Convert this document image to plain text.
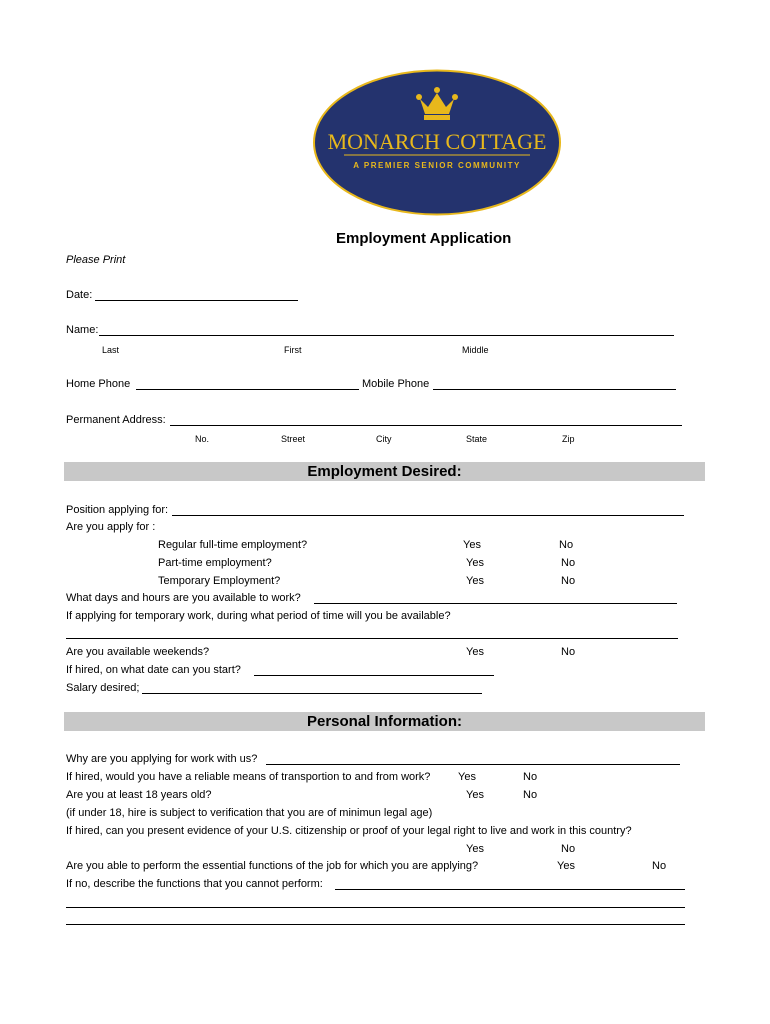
MONARCH COTTAGE
A PREMIER SENIOR COMMUNITY
Employment Application
Please Print
Date:
Name:
Last	First	Middle
Home Phone	Mobile Phone
Permanent Address:
No.	Street	City	State	Zip
Employment Desired:
Position applying for:
Are you apply for :
Regular full-time employment?	Yes	No
Part-time employment?	Yes	No
Temporary Employment?	Yes	No
What days and hours are you available to work?
If applying for temporary work, during what period of time will you be available?
Are you available weekends?	Yes	No
If hired, on what date can you start?
Salary desired;
Personal Information:
Why are you applying for work with us?
If hired, would you have a reliable means of transportion to and from work?	Yes	No
Are you at least 18 years old?	Yes	No
(if under 18, hire is subject to verification that you are of minimun legal age)
If hired, can you present evidence of your U.S. citizenship or proof of your legal right to live and work in this country?
Yes	No
Are you able to perform the essential functions of the job for which you are applying?	Yes	No
If no, describe the functions that you cannot perform:
